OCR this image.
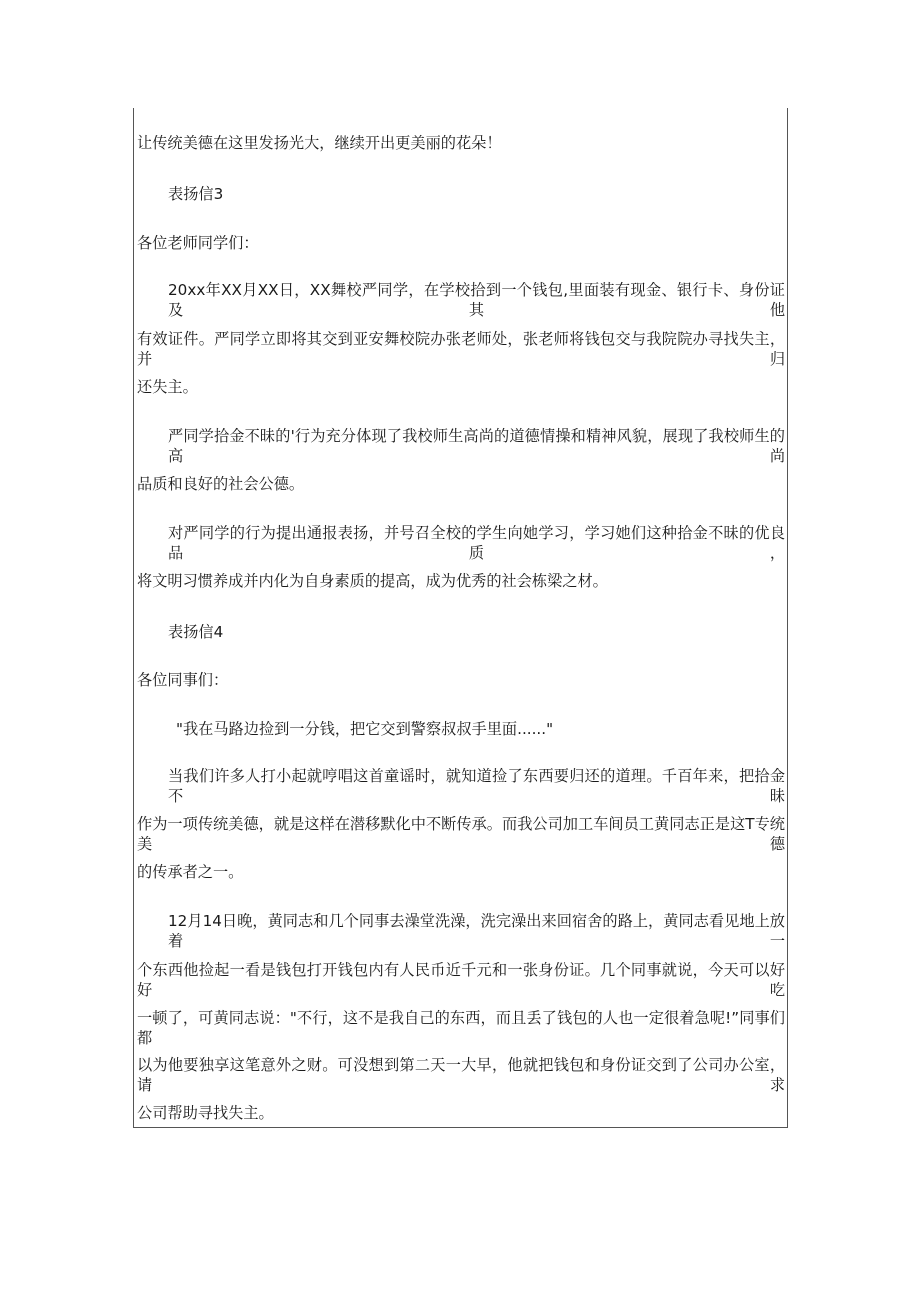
让传统美德在这里发扬光大，继续开出更美丽的花朵！
表扬信3
各位老师同学们：
20xx年XX月XX日，XX舞校严同学，在学校拾到一个钱包,里面装有现金、银行卡、身份证及其他
有效证件。严同学立即将其交到亚安舞校院办张老师处，张老师将钱包交与我院院办寻找失主，并归
还失主。
严同学拾金不昧的'行为充分体现了我校师生高尚的道德情操和精神风貌，展现了我校师生的高尚
品质和良好的社会公德。
对严同学的行为提出通报表扬，并号召全校的学生向她学习，学习她们这种拾金不昧的优良品质，
将文明习惯养成并内化为自身素质的提高，成为优秀的社会栋梁之材。
表扬信4
各位同事们：
"我在马路边捡到一分钱，把它交到警察叔叔手里面......"
当我们许多人打小起就哼唱这首童谣时，就知道捡了东西要归还的道理。千百年来，把拾金不昧
作为一项传统美德，就是这样在潜移默化中不断传承。而我公司加工车间员工黄同志正是这T专统美德
的传承者之一。
12月14日晚，黄同志和几个同事去澡堂洗澡，洗完澡出来回宿舍的路上，黄同志看见地上放着一
个东西他捡起一看是钱包打开钱包内有人民币近千元和一张身份证。几个同事就说，今天可以好好吃
一顿了，可黄同志说："不行，这不是我自己的东西，而且丢了钱包的人也一定很着急呢!”同事们都
以为他要独享这笔意外之财。可没想到第二天一大早，他就把钱包和身份证交到了公司办公室，请求
公司帮助寻找失主。
